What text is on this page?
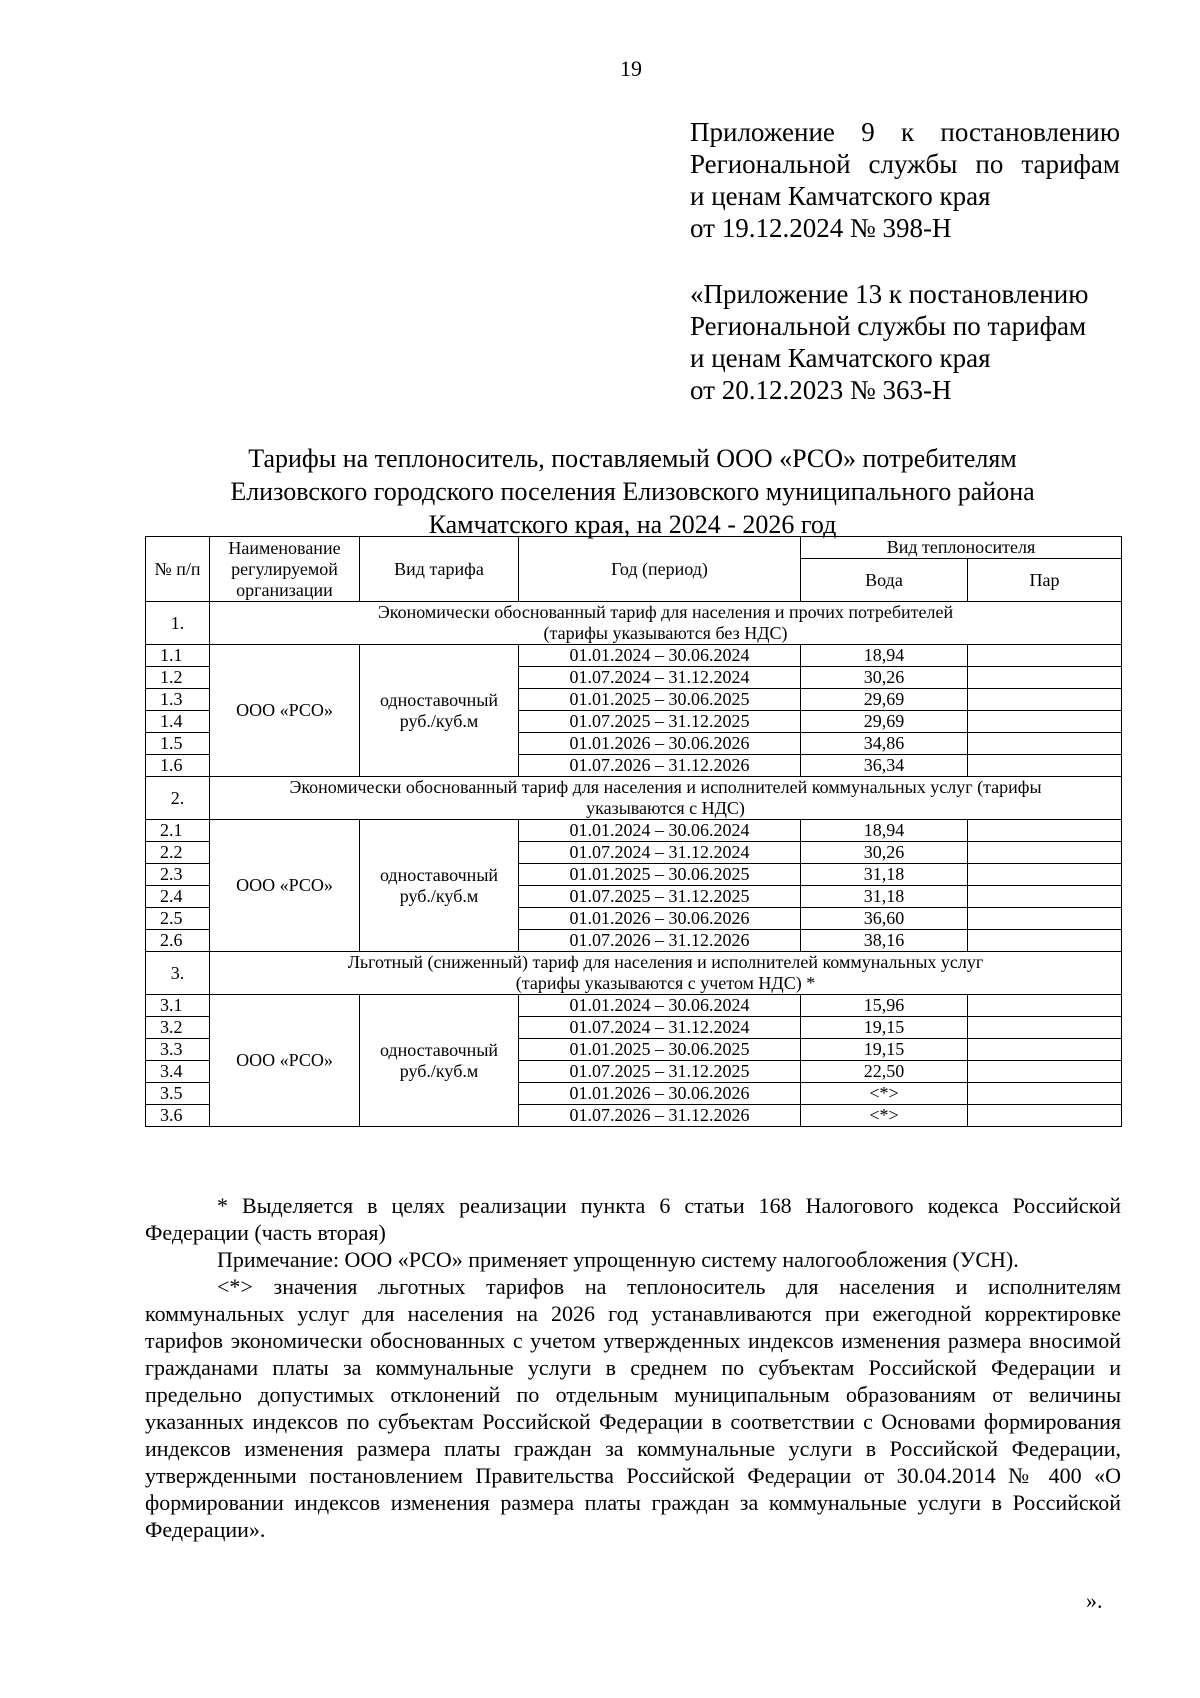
19
Приложение 9 к постановлению
Региональной службы по тарифам
и ценам Камчатского края
от 19.12.2024 № 398-Н
«Приложение 13 к постановлению
Региональной службы по тарифам
и ценам Камчатского края
от 20.12.2023 № 363-Н
Тарифы на теплоноситель, поставляемый ООО «РСО» потребителям
Елизовского городского поселения Елизовского муниципального района
Камчатского края, на 2024 - 2026 год
№ п/п	Наименование регулируемой организации	Вид тарифа	Год (период)	Вид теплоносителя	
				Вода	Пар
1.	Экономически обоснованный тариф для населения и прочих потребителей
(тарифы указываются без НДС)				

1.1	ООО «РСО»	одноставочный
руб./куб.м	01.01.2024 – 30.06.2024	18,94	
1.2			01.07.2024 – 31.12.2024	30,26	
1.3			01.01.2025 – 30.06.2025	29,69	
1.4			01.07.2025 – 31.12.2025	29,69	
1.5			01.01.2026 – 30.06.2026	34,86	
1.6			01.07.2026 – 31.12.2026	36,34	
2.	Экономически обоснованный тариф для населения и исполнителей коммунальных услуг (тарифы
указываются с НДС)				

2.1	ООО «РСО»	одноставочный
руб./куб.м	01.01.2024 – 30.06.2024	18,94	
2.2			01.07.2024 – 31.12.2024	30,26	
2.3			01.01.2025 – 30.06.2025	31,18	
2.4			01.07.2025 – 31.12.2025	31,18	
2.5			01.01.2026 – 30.06.2026	36,60	
2.6			01.07.2026 – 31.12.2026	38,16	
3.	Льготный (сниженный) тариф для населения и исполнителей коммунальных услуг
(тарифы указываются с учетом НДС) *				

3.1	ООО «РСО»	одноставочный
руб./куб.м	01.01.2024 – 30.06.2024	15,96	
3.2			01.07.2024 – 31.12.2024	19,15	
3.3			01.01.2025 – 30.06.2025	19,15	
3.4			01.07.2025 – 31.12.2025	22,50	
3.5			01.01.2026 – 30.06.2026	<*>	
3.6			01.07.2026 – 31.12.2026	<*>	
* Выделяется в целях реализации пункта 6 статьи 168 Налогового кодекса Российской Федерации (часть вторая)
Примечание: ООО «РСО» применяет упрощенную систему налогообложения (УСН).
<*> значения льготных тарифов на теплоноситель для населения и исполнителям коммунальных услуг для населения на 2026 год устанавливаются при ежегодной корректировке тарифов экономически обоснованных с учетом утвержденных индексов изменения размера вносимой гражданами платы за коммунальные услуги в среднем по субъектам Российской Федерации и предельно допустимых отклонений по отдельным муниципальным образованиям от величины указанных индексов по субъектам Российской Федерации в соответствии с Основами формирования индексов изменения размера платы граждан за коммунальные услуги в Российской Федерации, утвержденными постановлением Правительства Российской Федерации от 30.04.2014 № 400 «О формировании индексов изменения размера платы граждан за коммунальные услуги в Российской Федерации».
».
